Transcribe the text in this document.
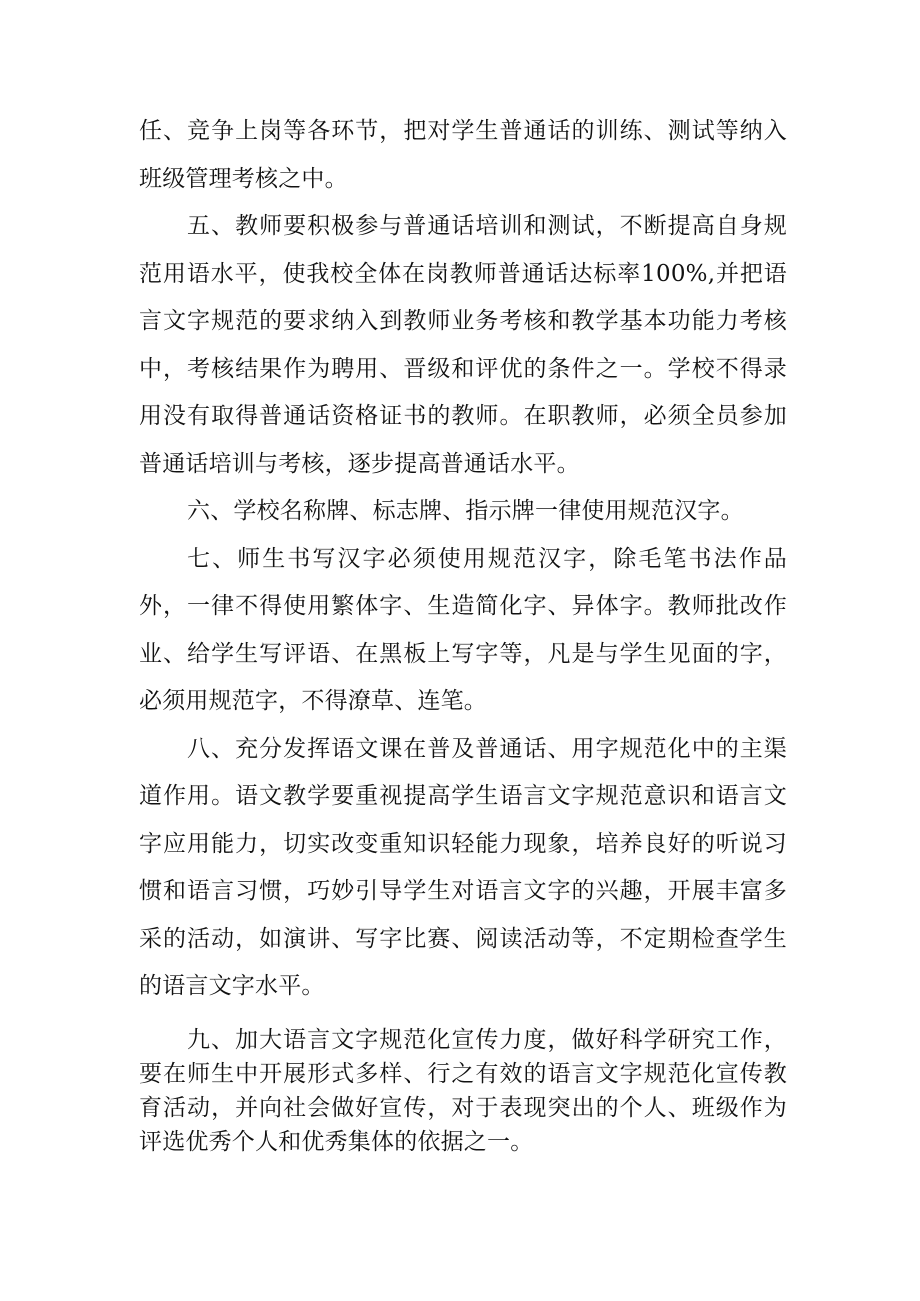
任、竞争上岗等各环节，把对学生普通话的训练、测试等纳入班级管理考核之中。

五、教师要积极参与普通话培训和测试，不断提高自身规范用语水平，使我校全体在岗教师普通话达标率100%,并把语言文字规范的要求纳入到教师业务考核和教学基本功能力考核中，考核结果作为聘用、晋级和评优的条件之一。学校不得录用没有取得普通话资格证书的教师。在职教师，必须全员参加普通话培训与考核，逐步提高普通话水平。

六、学校名称牌、标志牌、指示牌一律使用规范汉字。

七、师生书写汉字必须使用规范汉字，除毛笔书法作品外，一律不得使用繁体字、生造简化字、异体字。教师批改作业、给学生写评语、在黑板上写字等，凡是与学生见面的字，必须用规范字，不得潦草、连笔。

八、充分发挥语文课在普及普通话、用字规范化中的主渠道作用。语文教学要重视提高学生语言文字规范意识和语言文字应用能力，切实改变重知识轻能力现象，培养良好的听说习惯和语言习惯，巧妙引导学生对语言文字的兴趣，开展丰富多采的活动，如演讲、写字比赛、阅读活动等，不定期检查学生的语言文字水平。

九、加大语言文字规范化宣传力度，做好科学研究工作，要在师生中开展形式多样、行之有效的语言文字规范化宣传教育活动，并向社会做好宣传，对于表现突出的个人、班级作为评选优秀个人和优秀集体的依据之一。
